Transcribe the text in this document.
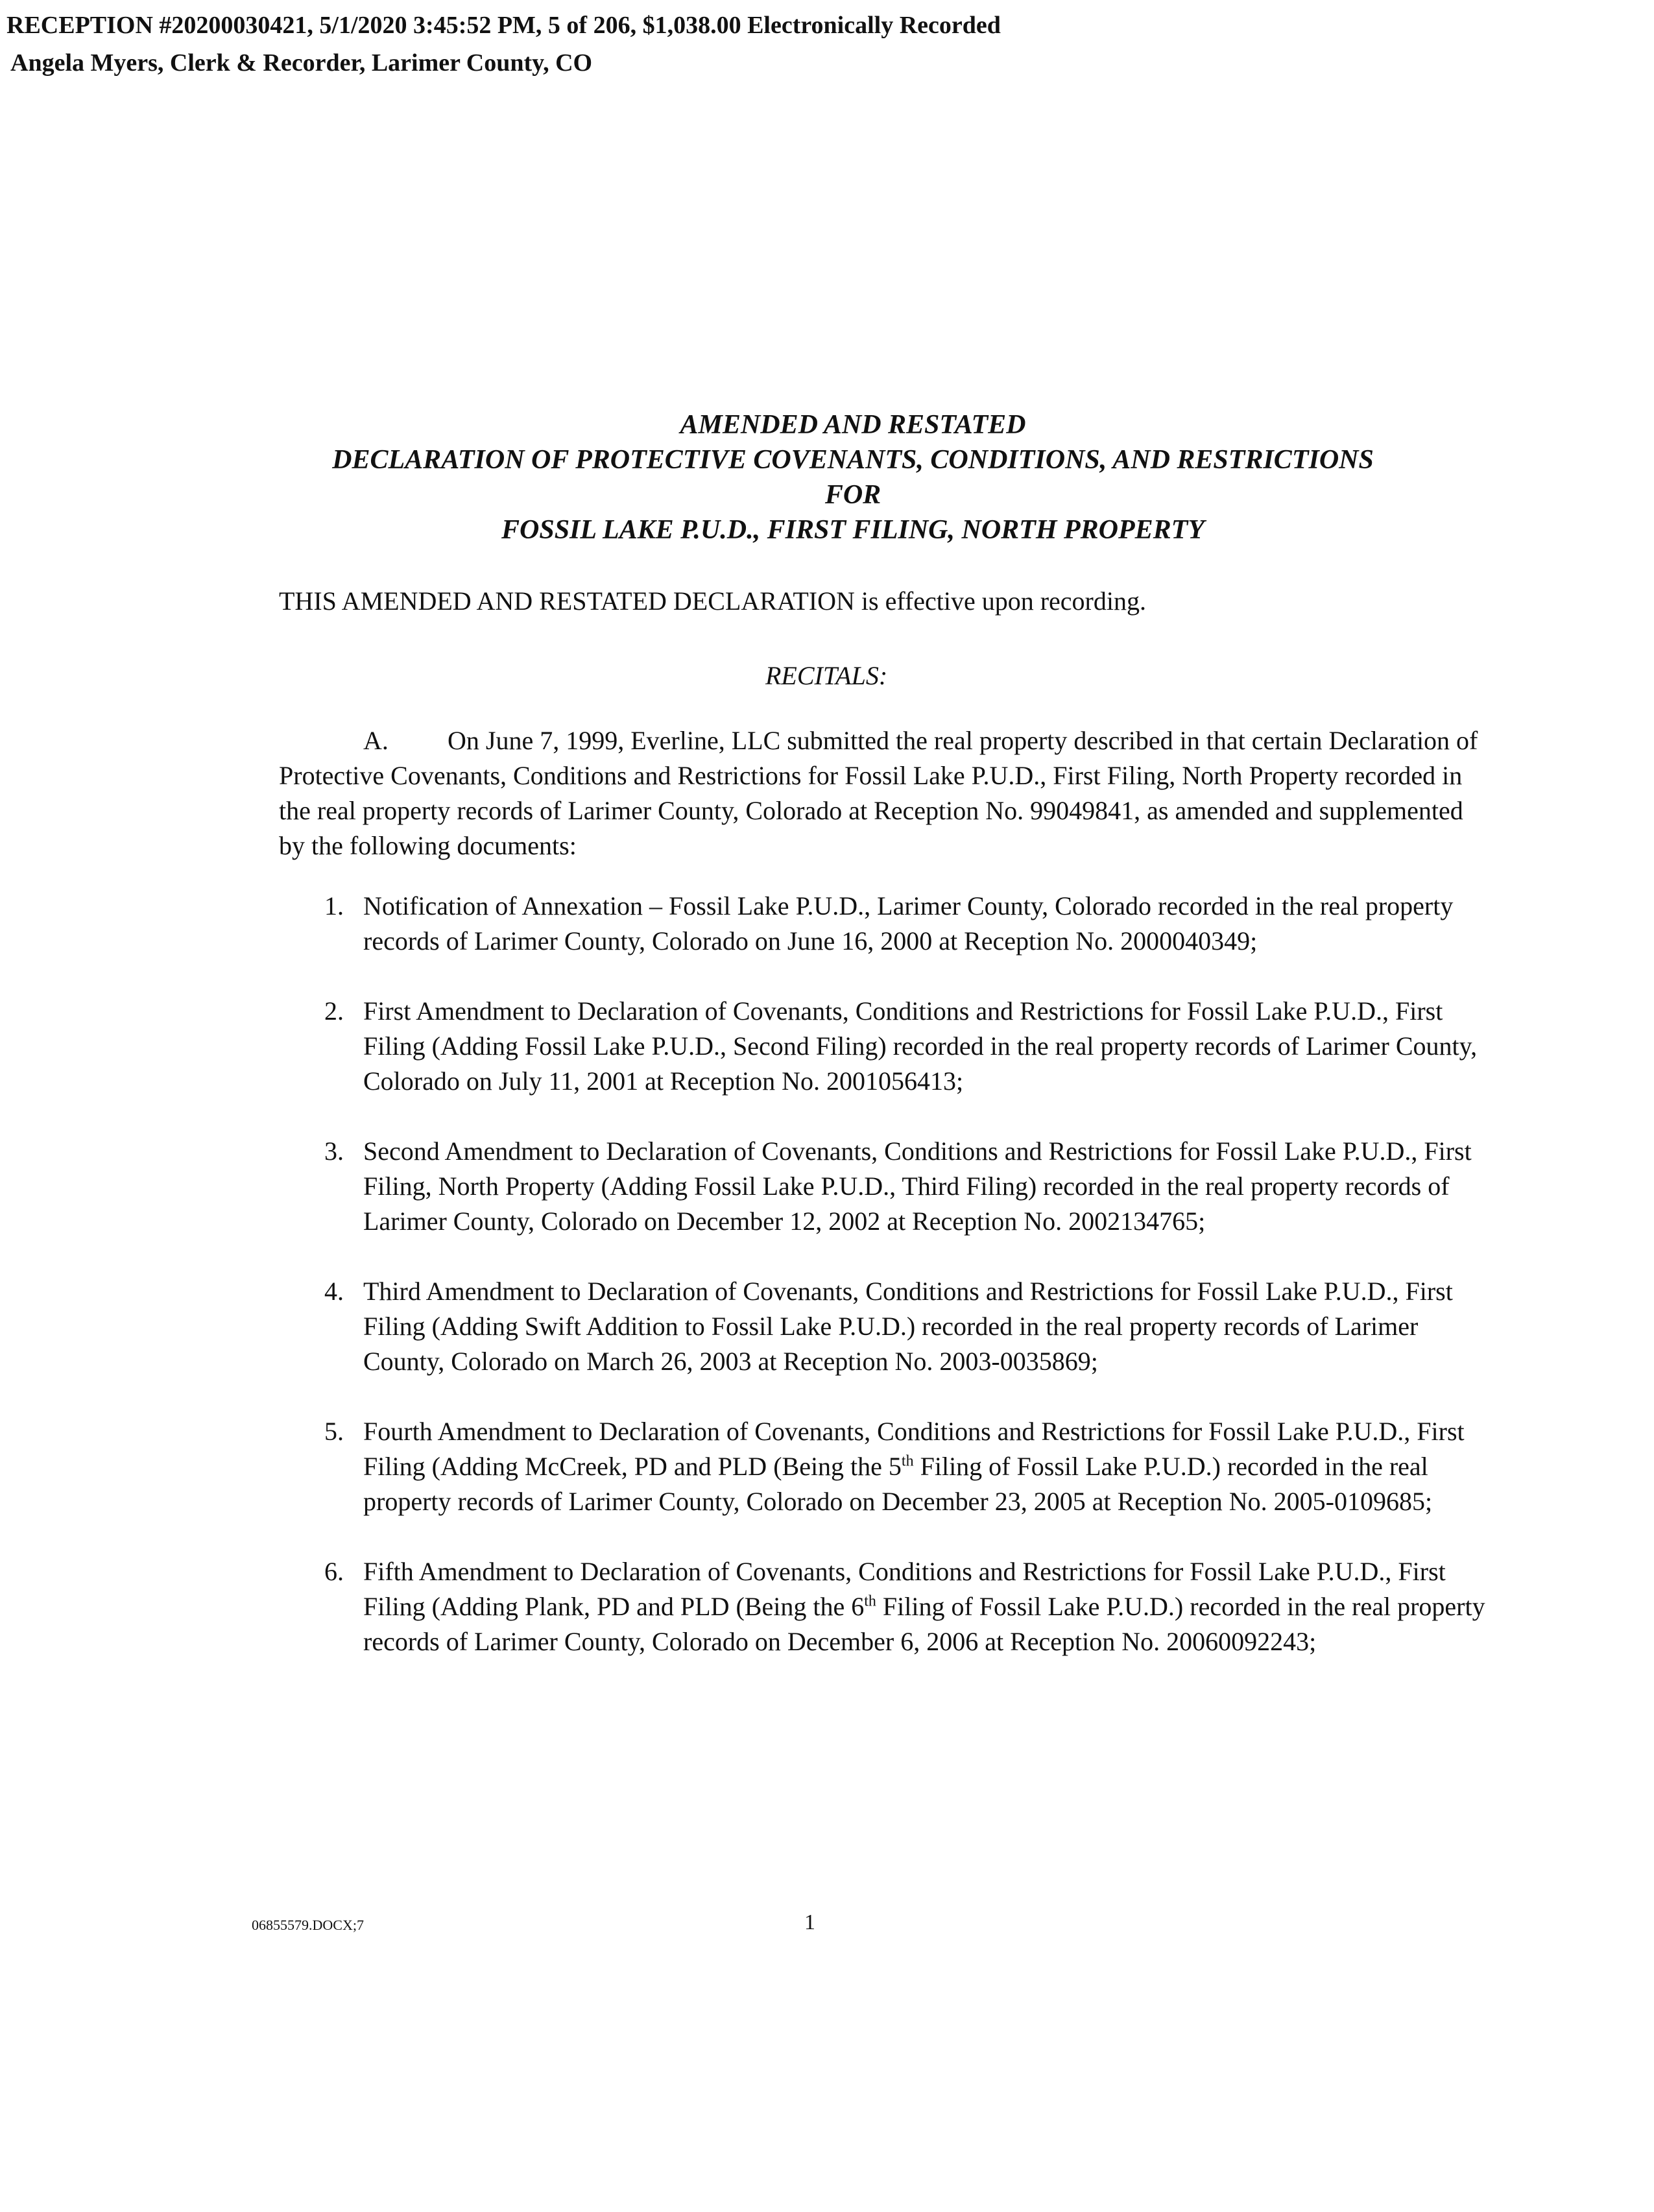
RECEPTION #20200030421, 5/1/2020 3:45:52 PM, 5 of 206, $1,038.00 Electronically Recorded
Angela Myers, Clerk & Recorder, Larimer County, CO
AMENDED AND RESTATED
DECLARATION OF PROTECTIVE COVENANTS, CONDITIONS, AND RESTRICTIONS
FOR
FOSSIL LAKE P.U.D., FIRST FILING, NORTH PROPERTY
THIS AMENDED AND RESTATED DECLARATION is effective upon recording.
RECITALS:
A.	On June 7, 1999, Everline, LLC submitted the real property described in that certain Declaration of Protective Covenants, Conditions and Restrictions for Fossil Lake P.U.D., First Filing, North Property recorded in the real property records of Larimer County, Colorado at Reception No. 99049841, as amended and supplemented by the following documents:
1. Notification of Annexation – Fossil Lake P.U.D., Larimer County, Colorado recorded in the real property records of Larimer County, Colorado on June 16, 2000 at Reception No. 2000040349;
2. First Amendment to Declaration of Covenants, Conditions and Restrictions for Fossil Lake P.U.D., First Filing (Adding Fossil Lake P.U.D., Second Filing) recorded in the real property records of Larimer County, Colorado on July 11, 2001 at Reception No. 2001056413;
3. Second Amendment to Declaration of Covenants, Conditions and Restrictions for Fossil Lake P.U.D., First Filing, North Property (Adding Fossil Lake P.U.D., Third Filing) recorded in the real property records of Larimer County, Colorado on December 12, 2002 at Reception No. 2002134765;
4. Third Amendment to Declaration of Covenants, Conditions and Restrictions for Fossil Lake P.U.D., First Filing (Adding Swift Addition to Fossil Lake P.U.D.) recorded in the real property records of Larimer County, Colorado on March 26, 2003 at Reception No. 2003-0035869;
5. Fourth Amendment to Declaration of Covenants, Conditions and Restrictions for Fossil Lake P.U.D., First Filing (Adding McCreek, PD and PLD (Being the 5th Filing of Fossil Lake P.U.D.) recorded in the real property records of Larimer County, Colorado on December 23, 2005 at Reception No. 2005-0109685;
6. Fifth Amendment to Declaration of Covenants, Conditions and Restrictions for Fossil Lake P.U.D., First Filing (Adding Plank, PD and PLD (Being the 6th Filing of Fossil Lake P.U.D.) recorded in the real property records of Larimer County, Colorado on December 6, 2006 at Reception No. 20060092243;
06855579.DOCX;7	1
